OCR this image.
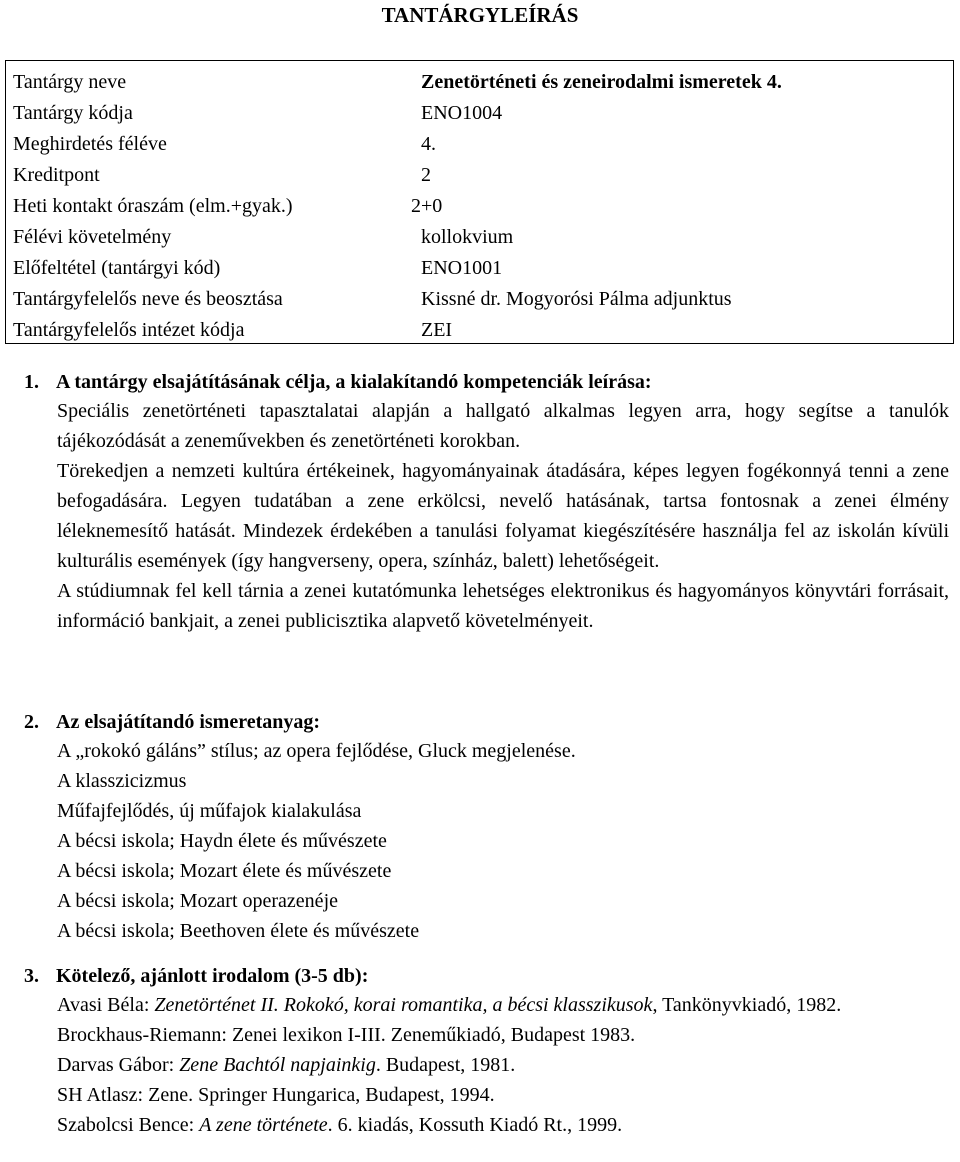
TANTÁRGYLEÍRÁS
Tantárgy neve	Zenetörténeti és zeneirodalmi ismeretek 4.
Tantárgy kódja	ENO1004
Meghirdetés féléve	4.
Kreditpont	2
Heti kontakt óraszám (elm.+gyak.)	2+0
Félévi követelmény	kollokvium
Előfeltétel (tantárgyi kód)	ENO1001
Tantárgyfelelős neve és beosztása	Kissné dr. Mogyorósi Pálma adjunktus
Tantárgyfelelős intézet kódja	ZEI
1. A tantárgy elsajátításának célja, a kialakítandó kompetenciák leírása:

Speciális zenetörténeti tapasztalatai alapján a hallgató alkalmas legyen arra, hogy segítse a tanulók tájékozódását a zeneművekben és zenetörténeti korokban.

Törekedjen a nemzeti kultúra értékeinek, hagyományainak átadására, képes legyen fogékonnyá tenni a zene befogadására. Legyen tudatában a zene erkölcsi, nevelő hatásának, tartsa fontosnak a zenei élmény léleknemesítő hatását. Mindezek érdekében a tanulási folyamat kiegészítésére használja fel az iskolán kívüli kulturális események (így hangverseny, opera, színház, balett) lehetőségeit.

A stúdiumnak fel kell tárnia a zenei kutatómunka lehetséges elektronikus és hagyományos könyvtári forrásait, információ bankjait, a zenei publicisztika alapvető követelményeit.

2. Az elsajátítandó ismeretanyag:
A „rokokó gáláns” stílus; az opera fejlődése, Gluck megjelenése.
A klasszicizmus
Műfajfejlődés, új műfajok kialakulása
A bécsi iskola; Haydn élete és művészete
A bécsi iskola; Mozart élete és művészete
A bécsi iskola; Mozart operazenéje
A bécsi iskola; Beethoven élete és művészete
3. Kötelező, ajánlott irodalom (3-5 db):

Avasi Béla: Zenetörténet II. Rokokó, korai romantika, a bécsi klasszikusok, Tankönyvkiadó, 1982.

Brockhaus-Riemann: Zenei lexikon I-III. Zeneműkiadó, Budapest 1983.

Darvas Gábor: Zene Bachtól napjainkig. Budapest, 1981.

SH Atlasz: Zene. Springer Hungarica, Budapest, 1994.

Szabolcsi Bence: A zene története. 6. kiadás, Kossuth Kiadó Rt., 1999.
